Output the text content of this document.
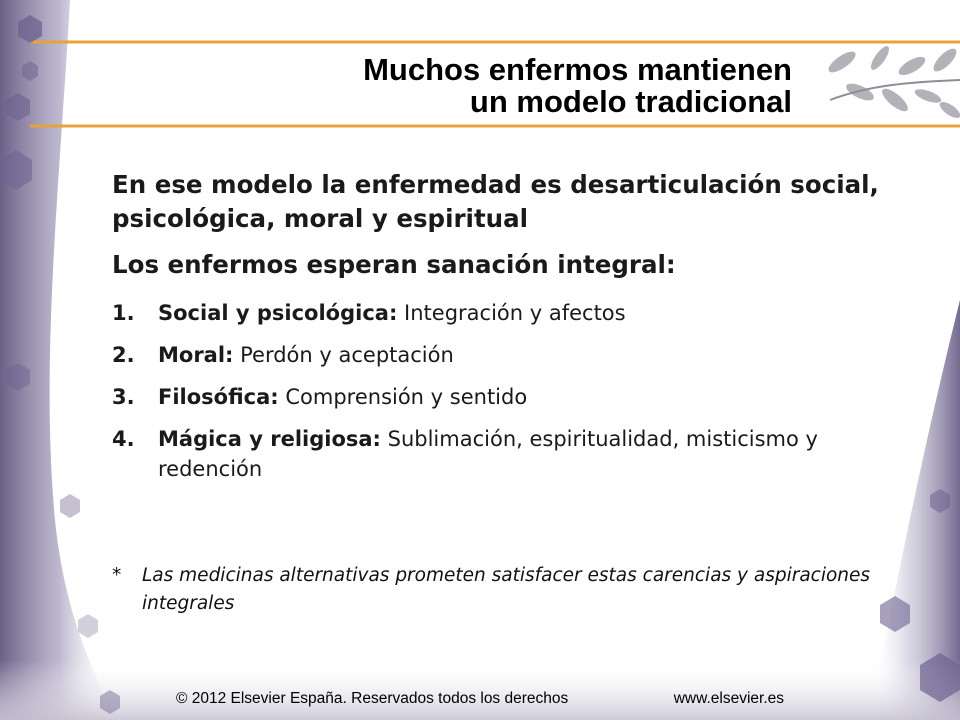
Muchos enfermos mantienen
un modelo tradicional

En ese modelo la enfermedad es desarticulación social, psicológica, moral y espiritual

Los enfermos esperan sanación integral:

1. Social y psicológica: Integración y afectos
2. Moral: Perdón y aceptación
3. Filosófica: Comprensión y sentido
4. Mágica y religiosa: Sublimación, espiritualidad, misticismo y redención
*	Las medicinas alternativas prometen satisfacer estas carencias y aspiraciones integrales
© 2012 Elsevier España. Reservados todos los derechos	www.elsevier.es
